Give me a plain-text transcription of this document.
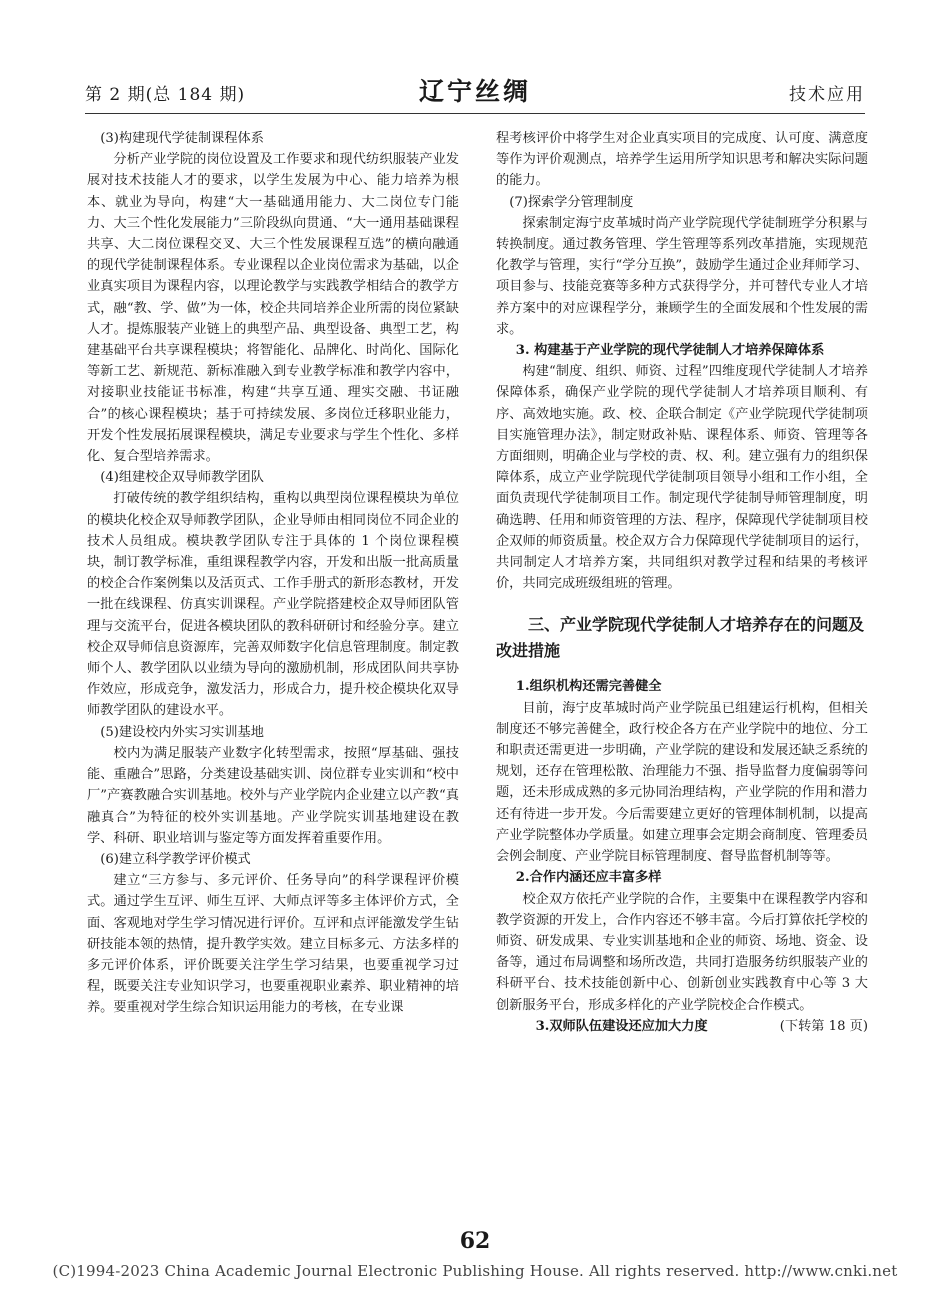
第 2 期(总 184 期)	辽宁丝绸	技术应用

(3)构建现代学徒制课程体系

分析产业学院的岗位设置及工作要求和现代纺织服装产业发展对技术技能人才的要求，以学生发展为中心、能力培养为根本、就业为导向，构建“大一基础通用能力、大二岗位专门能力、大三个性化发展能力”三阶段纵向贯通、“大一通用基础课程共享、大二岗位课程交叉、大三个性发展课程互选”的横向融通的现代学徒制课程体系。专业课程以企业岗位需求为基础，以企业真实项目为课程内容，以理论教学与实践教学相结合的教学方式，融“教、学、做”为一体，校企共同培养企业所需的岗位紧缺人才。提炼服装产业链上的典型产品、典型设备、典型工艺，构建基础平台共享课程模块；将智能化、品牌化、时尚化、国际化等新工艺、新规范、新标准融入到专业教学标准和教学内容中，对接职业技能证书标准，构建“共享互通、理实交融、书证融合”的核心课程模块；基于可持续发展、多岗位迁移职业能力，开发个性发展拓展课程模块，满足专业要求与学生个性化、多样化、复合型培养需求。

(4)组建校企双导师教学团队

打破传统的教学组织结构，重构以典型岗位课程模块为单位的模块化校企双导师教学团队，企业导师由相同岗位不同企业的技术人员组成。模块教学团队专注于具体的 1 个岗位课程模块，制订教学标准，重组课程教学内容，开发和出版一批高质量的校企合作案例集以及活页式、工作手册式的新形态教材，开发一批在线课程、仿真实训课程。产业学院搭建校企双导师团队管理与交流平台，促进各模块团队的教科研研讨和经验分享。建立校企双导师信息资源库，完善双师数字化信息管理制度。制定教师个人、教学团队以业绩为导向的激励机制，形成团队间共享协作效应，形成竞争，激发活力，形成合力，提升校企模块化双导师教学团队的建设水平。

(5)建设校内外实习实训基地

校内为满足服装产业数字化转型需求，按照“厚基础、强技能、重融合”思路，分类建设基础实训、岗位群专业实训和“校中厂”产赛教融合实训基地。校外与产业学院内企业建立以产教“真融真合”为特征的校外实训基地。产业学院实训基地建设在教学、科研、职业培训与鉴定等方面发挥着重要作用。

(6)建立科学教学评价模式

建立“三方参与、多元评价、任务导向”的科学课程评价模式。通过学生互评、师生互评、大师点评等多主体评价方式，全面、客观地对学生学习情况进行评价。互评和点评能激发学生钻研技能本领的热情，提升教学实效。建立目标多元、方法多样的多元评价体系，评价既要关注学生学习结果，也要重视学习过程，既要关注专业知识学习，也要重视职业素养、职业精神的培养。要重视对学生综合知识运用能力的考核，在专业课

程考核评价中将学生对企业真实项目的完成度、认可度、满意度等作为评价观测点，培养学生运用所学知识思考和解决实际问题的能力。

(7)探索学分管理制度

探索制定海宁皮革城时尚产业学院现代学徒制班学分积累与转换制度。通过教务管理、学生管理等系列改革措施，实现规范化教学与管理，实行“学分互换”，鼓励学生通过企业拜师学习、项目参与、技能竞赛等多种方式获得学分，并可替代专业人才培养方案中的对应课程学分，兼顾学生的全面发展和个性发展的需求。

3. 构建基于产业学院的现代学徒制人才培养保障体系

构建“制度、组织、师资、过程”四维度现代学徒制人才培养保障体系，确保产业学院的现代学徒制人才培养项目顺利、有序、高效地实施。政、校、企联合制定《产业学院现代学徒制项目实施管理办法》，制定财政补贴、课程体系、师资、管理等各方面细则，明确企业与学校的责、权、利。建立强有力的组织保障体系，成立产业学院现代学徒制项目领导小组和工作小组，全面负责现代学徒制项目工作。制定现代学徒制导师管理制度，明确选聘、任用和师资管理的方法、程序，保障现代学徒制项目校企双师的师资质量。校企双方合力保障现代学徒制项目的运行，共同制定人才培养方案，共同组织对教学过程和结果的考核评价，共同完成班级组班的管理。

三、产业学院现代学徒制人才培养存在的问题及改进措施

1.组织机构还需完善健全

目前，海宁皮革城时尚产业学院虽已组建运行机构，但相关制度还不够完善健全，政行校企各方在产业学院中的地位、分工和职责还需更进一步明确，产业学院的建设和发展还缺乏系统的规划，还存在管理松散、治理能力不强、指导监督力度偏弱等问题，还未形成成熟的多元协同治理结构，产业学院的作用和潜力还有待进一步开发。今后需要建立更好的管理体制机制，以提高产业学院整体办学质量。如建立理事会定期会商制度、管理委员会例会制度、产业学院目标管理制度、督导监督机制等等。

2.合作内涵还应丰富多样

校企双方依托产业学院的合作，主要集中在课程教学内容和教学资源的开发上，合作内容还不够丰富。今后打算依托学校的师资、研发成果、专业实训基地和企业的师资、场地、资金、设备等，通过布局调整和场所改造，共同打造服务纺织服装产业的科研平台、技术技能创新中心、创新创业实践教育中心等 3 大创新服务平台，形成多样化的产业学院校企合作模式。

3.双师队伍建设还应加大力度	(下转第 18 页)
62
(C)1994-2023 China Academic Journal Electronic Publishing House. All rights reserved. http://www.cnki.net
